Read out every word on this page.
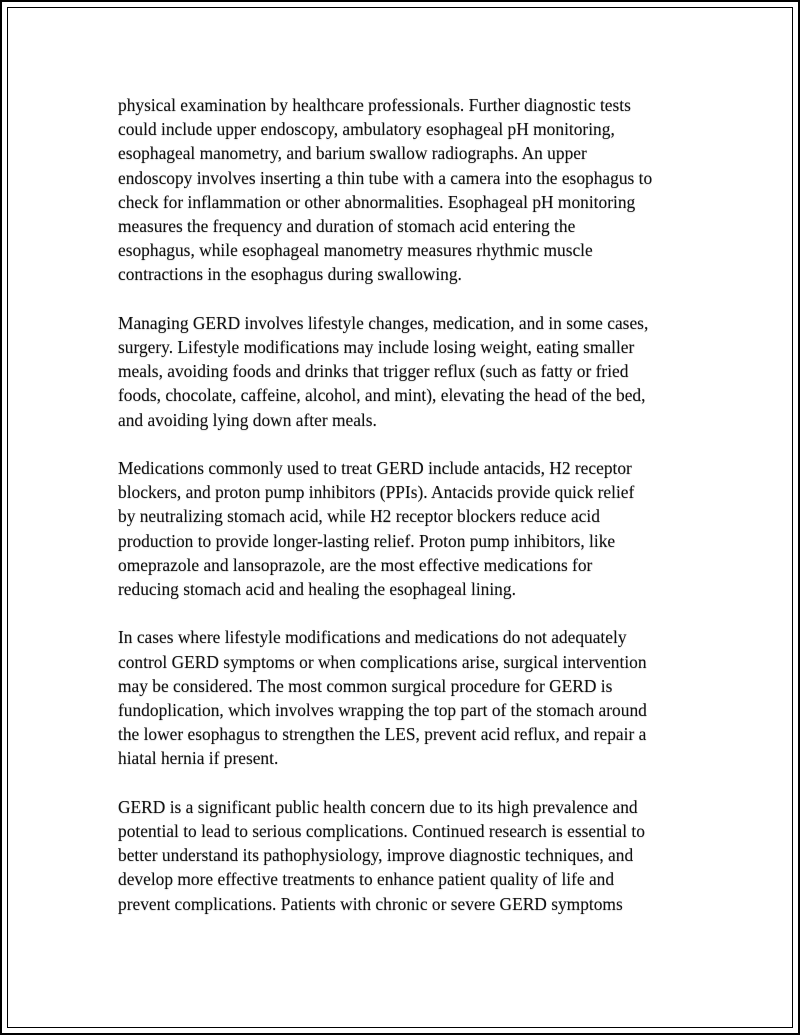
physical examination by healthcare professionals. Further diagnostic tests
could include upper endoscopy, ambulatory esophageal pH monitoring,
esophageal manometry, and barium swallow radiographs. An upper
endoscopy involves inserting a thin tube with a camera into the esophagus to
check for inflammation or other abnormalities. Esophageal pH monitoring
measures the frequency and duration of stomach acid entering the
esophagus, while esophageal manometry measures rhythmic muscle
contractions in the esophagus during swallowing.

Managing GERD involves lifestyle changes, medication, and in some cases,
surgery. Lifestyle modifications may include losing weight, eating smaller
meals, avoiding foods and drinks that trigger reflux (such as fatty or fried
foods, chocolate, caffeine, alcohol, and mint), elevating the head of the bed,
and avoiding lying down after meals.

Medications commonly used to treat GERD include antacids, H2 receptor
blockers, and proton pump inhibitors (PPIs). Antacids provide quick relief
by neutralizing stomach acid, while H2 receptor blockers reduce acid
production to provide longer-lasting relief. Proton pump inhibitors, like
omeprazole and lansoprazole, are the most effective medications for
reducing stomach acid and healing the esophageal lining.

In cases where lifestyle modifications and medications do not adequately
control GERD symptoms or when complications arise, surgical intervention
may be considered. The most common surgical procedure for GERD is
fundoplication, which involves wrapping the top part of the stomach around
the lower esophagus to strengthen the LES, prevent acid reflux, and repair a
hiatal hernia if present.

GERD is a significant public health concern due to its high prevalence and
potential to lead to serious complications. Continued research is essential to
better understand its pathophysiology, improve diagnostic techniques, and
develop more effective treatments to enhance patient quality of life and
prevent complications. Patients with chronic or severe GERD symptoms
